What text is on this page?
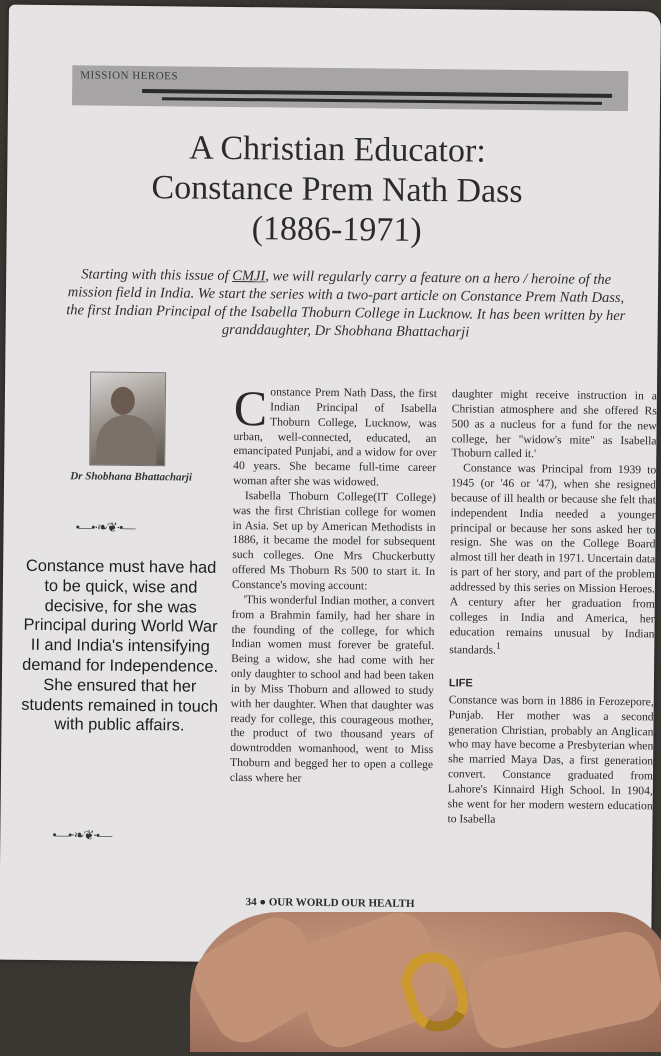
MISSION HEROES
A Christian Educator:
Constance Prem Nath Dass
(1886-1971)

Starting with this issue of CMJI, we will regularly carry a feature on a hero / heroine of the mission field in India. We start the series with a two-part article on Constance Prem Nath Dass, the first Indian Principal of the Isabella Thoburn College in Lucknow. It has been written by her granddaughter, Dr Shobhana Bhattacharji

Dr Shobhana Bhattacharji
•—•∙❧❦∙•—

Constance must have had to be quick, wise and decisive, for she was Principal during World War II and India's intensifying demand for Independence. She ensured that her students remained in touch with public affairs.

•—•∙❧❦∙•—

Constance Prem Nath Dass, the first Indian Principal of Isabella Thoburn College, Lucknow, was urban, well-connected, educated, an emancipated Punjabi, and a widow for over 40 years. She became full-time career woman after she was widowed.

Isabella Thoburn College(IT College) was the first Christian college for women in Asia. Set up by American Methodists in 1886, it became the model for subsequent such colleges. One Mrs Chuckerbutty offered Ms Thoburn Rs 500 to start it. In Constance's moving account:

'This wonderful Indian mother, a convert from a Brahmin family, had her share in the founding of the college, for which Indian women must forever be grateful. Being a widow, she had come with her only daughter to school and had been taken in by Miss Thoburn and allowed to study with her daughter. When that daughter was ready for college, this courageous mother, the product of two thousand years of downtrodden womanhood, went to Miss Thoburn and begged her to open a college class where her

daughter might receive instruction in a Christian atmosphere and she offered Rs 500 as a nucleus for a fund for the new college, her "widow's mite" as Isabella Thoburn called it.'

Constance was Principal from 1939 to 1945 (or '46 or '47), when she resigned because of ill health or because she felt that independent India needed a younger principal or because her sons asked her to resign. She was on the College Board almost till her death in 1971. Uncertain data is part of her story, and part of the problem addressed by this series on Mission Heroes. A century after her graduation from colleges in India and America, her education remains unusual by Indian standards.$^1$

LIFE

Constance was born in 1886 in Ferozepore, Punjab. Her mother was a second generation Christian, probably an Anglican who may have become a Presbyterian when she married Maya Das, a first generation convert. Constance graduated from Lahore's Kinnaird High School. In 1904, she went for her modern western education to Isabella

34 ● OUR WORLD OUR HEALTH
